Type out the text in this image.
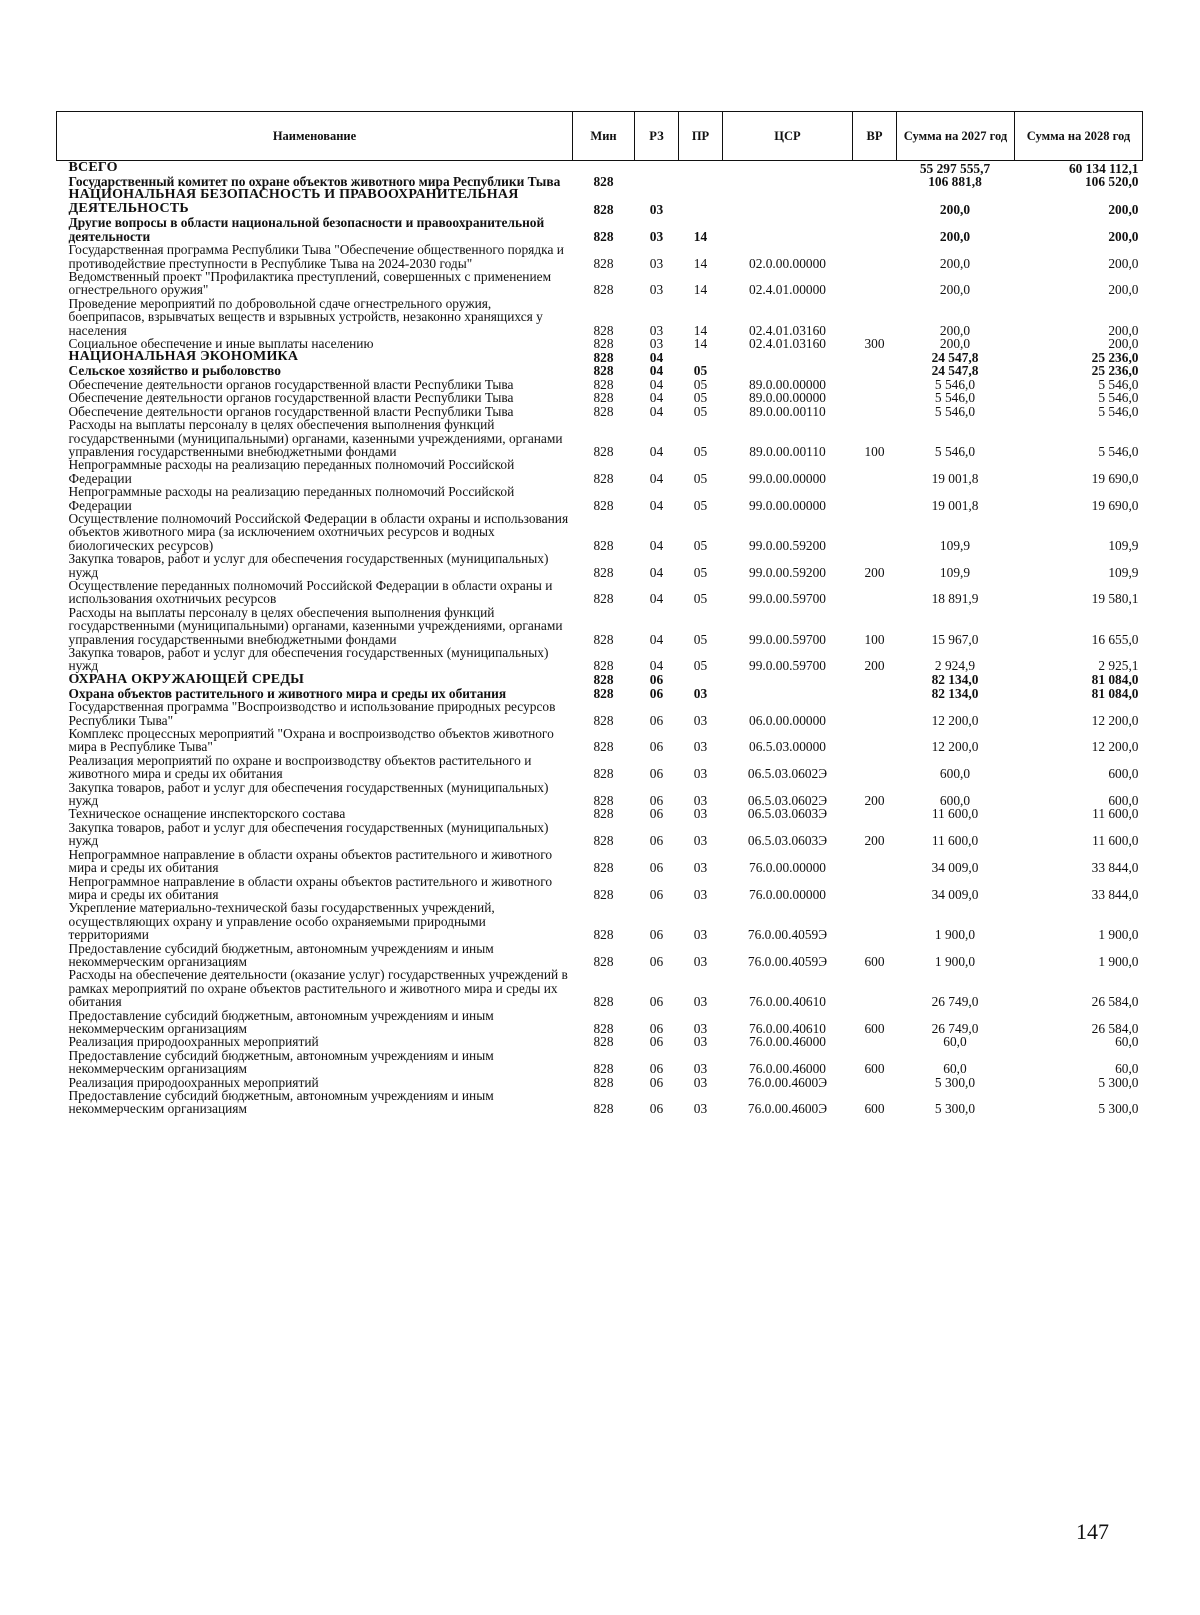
Наименование	Мин	РЗ	ПР	ЦСР	ВР	Сумма на 2027 год	Сумма на 2028 год
ВСЕГО						55 297 555,7	60 134 112,1
Государственный комитет по охране объектов животного мира Республики Тыва	828					106 881,8	106 520,0
НАЦИОНАЛЬНАЯ БЕЗОПАСНОСТЬ И ПРАВООХРАНИТЕЛЬНАЯ ДЕЯТЕЛЬНОСТЬ	828	03				200,0	200,0
Другие вопросы в области национальной безопасности и правоохранительной деятельности	828	03	14			200,0	200,0
Государственная программа Республики Тыва "Обеспечение общественного порядка и противодействие преступности в Республике Тыва на 2024-2030 годы"	828	03	14	02.0.00.00000		200,0	200,0
Ведомственный проект "Профилактика преступлений, совершенных с применением огнестрельного оружия"	828	03	14	02.4.01.00000		200,0	200,0
Проведение мероприятий по добровольной сдаче огнестрельного оружия, боеприпасов, взрывчатых веществ и взрывных устройств, незаконно хранящихся у населения	828	03	14	02.4.01.03160		200,0	200,0
Социальное обеспечение и иные выплаты населению	828	03	14	02.4.01.03160	300	200,0	200,0
НАЦИОНАЛЬНАЯ ЭКОНОМИКА	828	04				24 547,8	25 236,0
Сельское хозяйство и рыболовство	828	04	05			24 547,8	25 236,0
Обеспечение деятельности органов государственной власти Республики Тыва	828	04	05	89.0.00.00000		5 546,0	5 546,0
Обеспечение деятельности органов государственной власти Республики Тыва	828	04	05	89.0.00.00000		5 546,0	5 546,0
Обеспечение деятельности органов государственной власти Республики Тыва	828	04	05	89.0.00.00110		5 546,0	5 546,0
Расходы на выплаты персоналу в целях обеспечения выполнения функций государственными (муниципальными) органами, казенными учреждениями, органами управления государственными внебюджетными фондами	828	04	05	89.0.00.00110	100	5 546,0	5 546,0
Непрограммные расходы на реализацию переданных полномочий Российской Федерации	828	04	05	99.0.00.00000		19 001,8	19 690,0
Непрограммные расходы на реализацию переданных полномочий Российской Федерации	828	04	05	99.0.00.00000		19 001,8	19 690,0
Осуществление полномочий Российской Федерации в области охраны и использования объектов животного мира (за исключением охотничьих ресурсов и водных биологических ресурсов)	828	04	05	99.0.00.59200		109,9	109,9
Закупка товаров, работ и услуг для обеспечения государственных (муниципальных) нужд	828	04	05	99.0.00.59200	200	109,9	109,9
Осуществление переданных полномочий Российской Федерации в области охраны и использования охотничьих ресурсов	828	04	05	99.0.00.59700		18 891,9	19 580,1
Расходы на выплаты персоналу в целях обеспечения выполнения функций государственными (муниципальными) органами, казенными учреждениями, органами управления государственными внебюджетными фондами	828	04	05	99.0.00.59700	100	15 967,0	16 655,0
Закупка товаров, работ и услуг для обеспечения государственных (муниципальных) нужд	828	04	05	99.0.00.59700	200	2 924,9	2 925,1
ОХРАНА ОКРУЖАЮЩЕЙ СРЕДЫ	828	06				82 134,0	81 084,0
Охрана объектов растительного и животного мира и среды их обитания	828	06	03			82 134,0	81 084,0
Государственная программа "Воспроизводство и использование природных ресурсов Республики Тыва"	828	06	03	06.0.00.00000		12 200,0	12 200,0
Комплекс процессных мероприятий "Охрана и воспроизводство объектов животного мира в Республике Тыва"	828	06	03	06.5.03.00000		12 200,0	12 200,0
Реализация мероприятий по охране и воспроизводству объектов растительного и животного мира и среды их обитания	828	06	03	06.5.03.0602Э		600,0	600,0
Закупка товаров, работ и услуг для обеспечения государственных (муниципальных) нужд	828	06	03	06.5.03.0602Э	200	600,0	600,0
Техническое оснащение инспекторского состава	828	06	03	06.5.03.0603Э		11 600,0	11 600,0
Закупка товаров, работ и услуг для обеспечения государственных (муниципальных) нужд	828	06	03	06.5.03.0603Э	200	11 600,0	11 600,0
Непрограммное направление в области охраны объектов растительного и животного мира и среды их обитания	828	06	03	76.0.00.00000		34 009,0	33 844,0
Непрограммное направление в области охраны объектов растительного и животного мира и среды их обитания	828	06	03	76.0.00.00000		34 009,0	33 844,0
Укрепление материально-технической базы государственных учреждений, осуществляющих охрану и управление особо охраняемыми природными территориями	828	06	03	76.0.00.4059Э		1 900,0	1 900,0
Предоставление субсидий бюджетным, автономным учреждениям и иным некоммерческим организациям	828	06	03	76.0.00.4059Э	600	1 900,0	1 900,0
Расходы на обеспечение деятельности (оказание услуг) государственных учреждений в рамках мероприятий по охране объектов растительного и животного мира и среды их обитания	828	06	03	76.0.00.40610		26 749,0	26 584,0
Предоставление субсидий бюджетным, автономным учреждениям и иным некоммерческим организациям	828	06	03	76.0.00.40610	600	26 749,0	26 584,0
Реализация природоохранных мероприятий	828	06	03	76.0.00.46000		60,0	60,0
Предоставление субсидий бюджетным, автономным учреждениям и иным некоммерческим организациям	828	06	03	76.0.00.46000	600	60,0	60,0
Реализация природоохранных мероприятий	828	06	03	76.0.00.4600Э		5 300,0	5 300,0
Предоставление субсидий бюджетным, автономным учреждениям и иным некоммерческим организациям	828	06	03	76.0.00.4600Э	600	5 300,0	5 300,0
147
